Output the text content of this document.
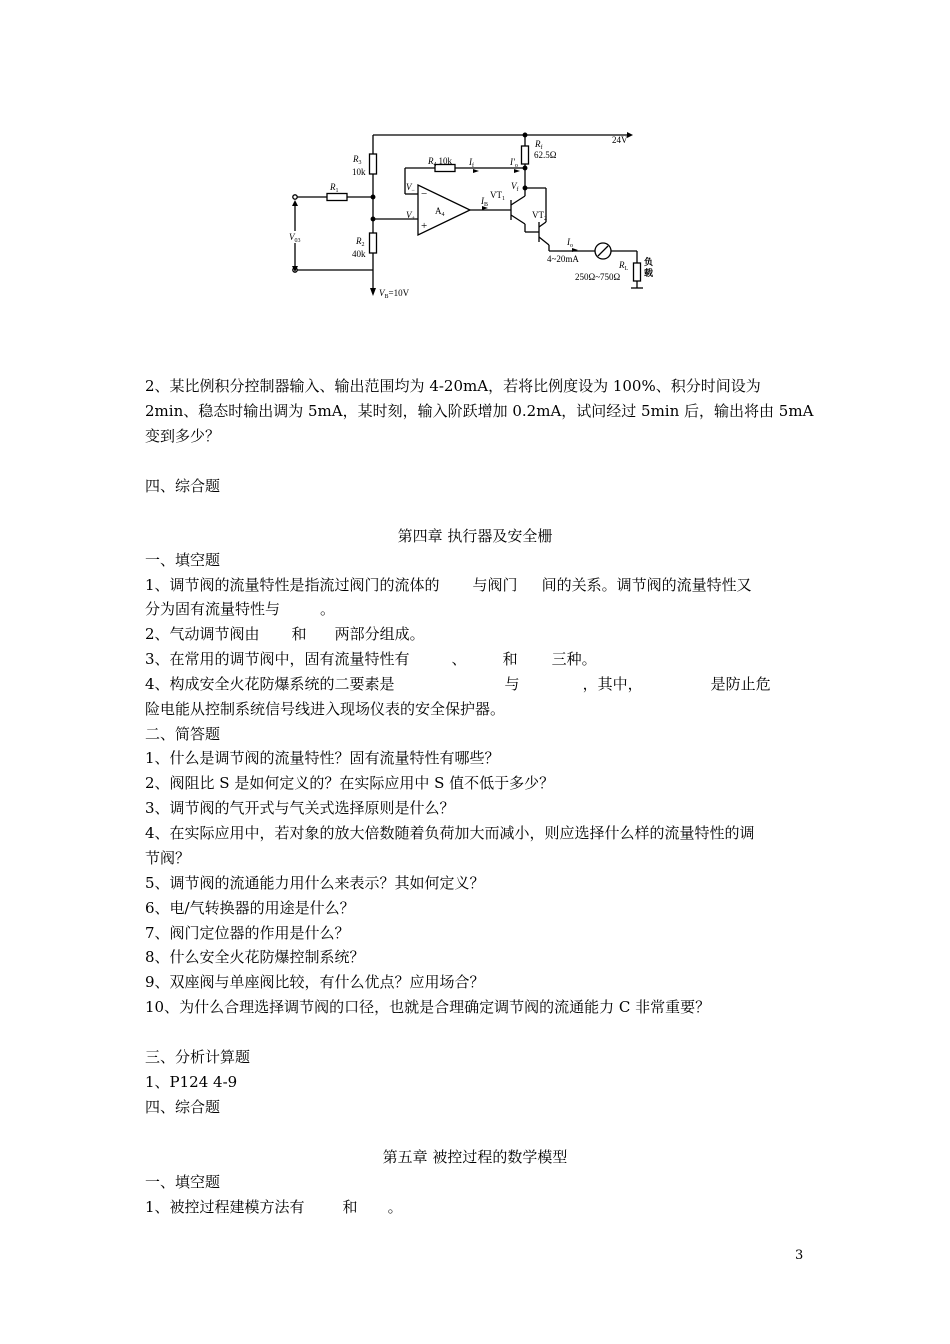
$R_3$
10k
$R_1$
$R_2$
40k
$R_4$ 10k
$R_f$
62.5Ω
24V
$I_f$	$I'_o$
$V_-$
$V_+$
−
+
$A_4$
$I_B$
$VT_1$
$VT_2$
$V_f$
$I_o$
4~20mA
$R_L$
250Ω~750Ω
负
载
$V_{03}$
$V_B=10V$
2、某比例积分控制器输入、输出范围均为 4-20mA，若将比例度设为 100%、积分时间设为
2min、稳态时输出调为 5mA，某时刻，输入阶跃增加 0.2mA，试问经过 5min 后，输出将由 5mA
变到多少？
四、综合题
第四章 执行器及安全栅
一、填空题
1、调节阀的流量特性是指流过阀门的流体的 与阀门 间的关系。调节阀的流量特性又
分为固有流量特性与	。
2、气动调节阀由 和 两部分组成。
3、在常用的调节阀中，固有流量特性有	、 和 三种。
4、构成安全火花防爆系统的二要素是	与	，其中，	是防止危
险电能从控制系统信号线进入现场仪表的安全保护器。
二、简答题
1、什么是调节阀的流量特性？固有流量特性有哪些？
2、阀阻比 S 是如何定义的？在实际应用中 S 值不低于多少？
3、调节阀的气开式与气关式选择原则是什么？
4、在实际应用中，若对象的放大倍数随着负荷加大而减小，则应选择什么样的流量特性的调
节阀？
5、调节阀的流通能力用什么来表示？其如何定义？
6、电/气转换器的用途是什么？
7、阀门定位器的作用是什么？
8、什么安全火花防爆控制系统？
9、双座阀与单座阀比较，有什么优点？应用场合？
10、为什么合理选择调节阀的口径，也就是合理确定调节阀的流通能力 C 非常重要？
三、分析计算题
1、P124 4-9
四、综合题
第五章 被控过程的数学模型
一、填空题
1、被控过程建模方法有	和 。
3
